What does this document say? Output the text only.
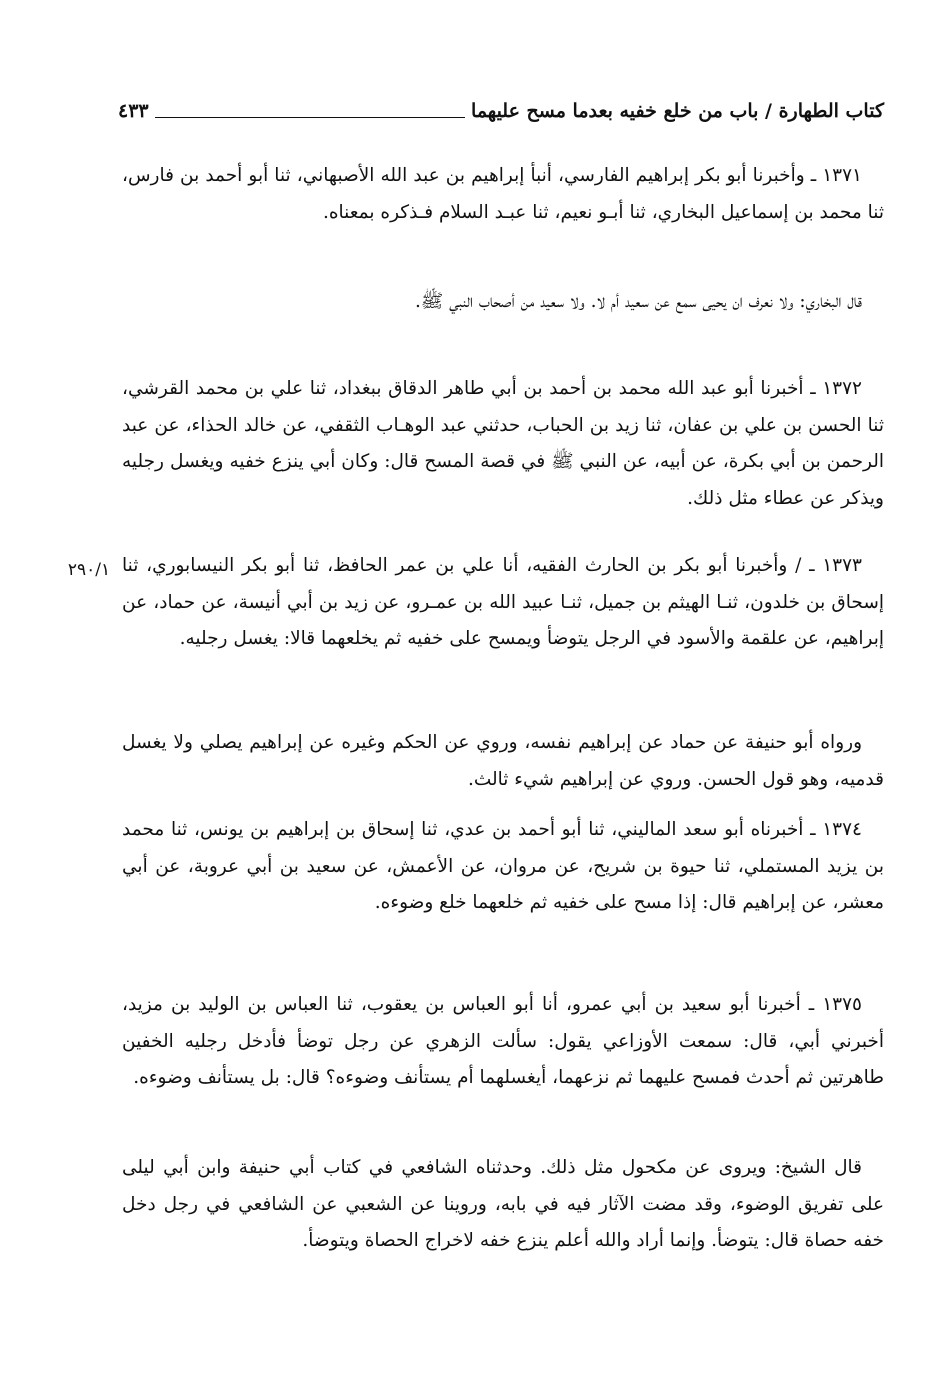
كتاب الطهارة / باب من خلع خفيه بعدما مسح عليهما
٤٣٣

١٣٧١ ـ وأخبرنا أبو بكر إبراهيم الفارسي، أنبأ إبراهيم بن عبد الله الأصبهاني، ثنا أبو أحمد بن فارس، ثنا محمد بن إسماعيل البخاري، ثنا أبـو نعيم، ثنا عبـد السلام فـذكره بمعناه.

قال البخاري: ولا نعرف ان يحيى سمع عن سعيد أم لا. ولا سعيد من أصحاب النبي ﷺ.

١٣٧٢ ـ أخبرنا أبو عبد الله محمد بن أحمد بن أبي طاهر الدقاق ببغداد، ثنا علي بن محمد القرشي، ثنا الحسن بن علي بن عفان، ثنا زيد بن الحباب، حدثني عبد الوهـاب الثقفي، عن خالد الحذاء، عن عبد الرحمن بن أبي بكرة، عن أبيه، عن النبي ﷺ في قصة المسح قال: وكان أبي ينزع خفيه ويغسل رجليه ويذكر عن عطاء مثل ذلك.

١٣٧٣ ـ / وأخبرنا أبو بكر بن الحارث الفقيه، أنا علي بن عمر الحافظ، ثنا أبو بكر النيسابوري، ثنا إسحاق بن خلدون، ثنـا الهيثم بن جميل، ثنـا عبيد الله بن عمـرو، عن زيد بن أبي أنيسة، عن حماد، عن إبراهيم، عن علقمة والأسود في الرجل يتوضأ ويمسح على خفيه ثم يخلعهما قالا: يغسل رجليه.

٢٩٠/١

ورواه أبو حنيفة عن حماد عن إبراهيم نفسه، وروي عن الحكم وغيره عن إبراهيم يصلي ولا يغسل قدميه، وهو قول الحسن. وروي عن إبراهيم شيء ثالث.

١٣٧٤ ـ أخبرناه أبو سعد الماليني، ثنا أبو أحمد بن عدي، ثنا إسحاق بن إبراهيم بن يونس، ثنا محمد بن يزيد المستملي، ثنا حيوة بن شريح، عن مروان، عن الأعمش، عن سعيد بن أبي عروبة، عن أبي معشر، عن إبراهيم قال: إذا مسح على خفيه ثم خلعهما خلع وضوءه.

١٣٧٥ ـ أخبرنا أبو سعيد بن أبي عمرو، أنا أبو العباس بن يعقوب، ثنا العباس بن الوليد بن مزيد، أخبرني أبي، قال: سمعت الأوزاعي يقول: سألت الزهري عن رجل توضأ فأدخل رجليه الخفين طاهرتين ثم أحدث فمسح عليهما ثم نزعهما، أيغسلهما أم يستأنف وضوءه؟ قال: بل يستأنف وضوءه.

قال الشيخ: ويروى عن مكحول مثل ذلك. وحدثناه الشافعي في كتاب أبي حنيفة وابن أبي ليلى على تفريق الوضوء، وقد مضت الآثار فيه في بابه، وروينا عن الشعبي عن الشافعي في رجل دخل خفه حصاة قال: يتوضأ. وإنما أراد والله أعلم ينزع خفه لاخراج الحصاة ويتوضأ.
